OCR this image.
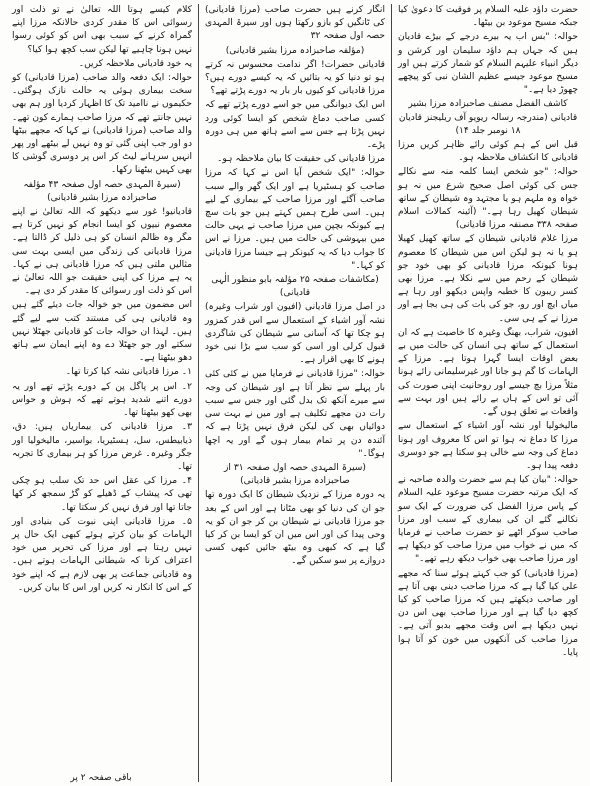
حضرت داؤد علیہ السلام پر فوقیت کا دعویٰ کیا جبکہ مسیح موعود بن بیٹھا۔

حوالہ: "بس اب یہ بیرے درجے کے بیڑے قادیان ہیں کہ جہاں ہم داؤد سلیمان اور کرشن و دیگر انبیاء علیہم السلام کو شمار کرتے ہیں اور مسیح موعود جیسے عظیم الشان نبی کو پیچھے چھوڑ دیا ہے۔"

کاشف الفضل مصنف صاحبزادہ مرزا بشیر قادیانی (مندرجہ رسالہ ریویو آف ریلیجنز قادیان ۱۸ نومبر جلد ۱۴)

قبل اس کے ہم کوئی رائے ظاہر کریں مرزا قادیانی کا انکشاف ملاحظہ ہو۔

حوالہ: "جو شخص ایسا کلمہ منہ سے نکالے جس کی کوئی اصل صحیح شرع میں نہ ہو خواہ وہ ملہم ہو یا مجتہد وہ شیطان کے ساتھ شیطان کھیل رہا ہے۔" (آئینہ کمالات اسلام صفحہ ۳۳۸ مصنفہ مرزا قادیانی)

مرزا غلام قادیانی شیطان کے ساتھ کھیل کھیلا ہو یا نہ ہو لیکن اس میں شیطان کا معصوم ہونا کیونکہ مرزا قادیانی کو بھی خود جو شیطان کے رحم میں سے نکلا ہے۔ مرزا بھی کسر ریبون کا خطبہ واپس دیکھو اور رہا ہے میاں ایچ اور رو، جو کی بات کی ہی بجا ہے اور مرزا نے کے ہی سی۔

افیون، شراب، بھنگ وغیرہ کا خاصیت ہے کہ ان استعمال کے ساتھ ہی انسان کی حالت میں بے بعض اوقات ایسا گہرا ہوتا ہے۔ مرزا کے الہامات کا گم ہو جانا اور غیرسلیمانی رائے ہونا مثلاً مرزا بچ جیسے اور روحانیت اپنی صورت کی آئی تو اس کے ہاں بے رائے ہیں اور بہت سے واقعات بے تعلق ہوں گے۔

مالیخولیا اور نشہ آور اشیاء کے استعمال سے مرزا کا دماغ نہ ہوا تو اس کا معروف اور ہونا دماغ کی وجہ سے خالی ہو سکتا ہے جو دوسری دفعہ پیدا ہو۔

حوالہ: "بیان کیا ہم سے حضرت والدہ صاحبہ نے کہ ایک مرتبہ حضرت مسیح موعود علیہ السلام کے پاس مرزا الفضل کی ضرورت کے ایک سو نکالنے گئے ان کی بیماری کے سبب اور مرزا صاحب سوکر اٹھے تو حضرت صاحب نے فرمایا کہ میں نے خواب میں مرزا صاحب کو دیکھا ہے اور مرزا صاحب بھی خواب دیکھ رہے تھے۔"

(مرزا قادیانی) کو جب کہتے ہوئے سنا کہ مجھے علی کیا گیا ہے کہ مرزا صاحب دینی بھی آتا ہے اور صاحب دیکھتے ہیں کہ مرزا صاحب کو کیا کچھ دیا گیا ہے اور مرزا صاحب بھی اس دن نہیں دیکھا ہے اس وقت مجھے بدبو آتی ہے۔ مرزا صاحب کی آنکھوں میں خون کو آتا ہوا پایا۔

انگار کرنے ہیں حضرت صاحب (مرزا قادیانی) کی ٹانگیں کو بازو رکھتا ہوں اور سیرۃ المہدی حصہ اول صفحہ ۳۲

(مؤلفہ صاحبزادہ مرزا بشیر قادیانی)

قادیانی حضرات! اگر ندامت محسوس نہ کرتے ہو تو دنیا کو یہ بتائیں کہ یہ کیسے دورے ہیں؟ مرزا قادیانی کو کیوں بار بار یہ دورے پڑتے تھے؟

اس ایک دیوانگی میں جو اسے دورے پڑتے تھے کہ کسی صاحب دماغ شخص کو ایسا کوئی ورد نہیں پڑتا ہے جس سے اسے ہاتھ میں ہی دورہ پڑے۔

مرزا قادیانی کی حقیقت کا بیان ملاحظہ ہو۔

حوالہ: "ایک شخص آیا اس نے کہا کہ مرزا صاحب کو ہسٹیریا ہے اور ایک گھر والے سبب صاحب آگئے اور مرزا صاحب کے بیماری کے لیے ہیں۔ اسی طرح ہمیں کہتے ہیں جو بات سچ ہے کیونکہ بچپن میں مرزا صاحب نے یہی حالت میں بیہوشی کی حالت میں ہیں۔ مرزا نے اس کا جواب دیا کہ یہ کیونکر ہے جیسا مرزا قادیانی کو کہا۔"

(مکاشفات صفحہ ۲۵ مؤلفہ بابو منظور الٰہی قادیانی)

در اصل مرزا قادیانی (افیون اور شراب وغیرہ) نشہ آور اشیاء کے استعمال سے اس قدر کمزور ہو چکا تھا کہ آسانی سے شیطان کی شاگردی قبول کرلی اور اسی کو سب سے بڑا نبی خود ہونے کا بھی اقرار ہے۔

حوالہ: "مرزا قادیانی نے فرمایا میں نے کئی کئی بار پہلے سے نظر آتا ہے اور شیطان کی وجہ سے میرے آنکھ تک بدل گئی اور جس سے سبب رات دن مجھے تکلیف ہے اور میں نے بہت سی دوائیاں بھی کی لیکن فرق نہیں پڑتا ہے کہ آئندہ دن پر تمام بیمار ہوں گے اور یہ اچھا ہوگا۔"

(سیرۃ المہدی حصہ اول صفحہ ۳۱ از صاحبزادہ مرزا بشیر قادیانی)

یہ دورہ مرزا کے نزدیک شیطان کا ایک دورہ تھا جو ان کی دنیا کو بھی مٹانا ہے اور اس کے بعد جو مرزا قادیانی نے شیطان بن کر جو ان کو یہ وحی پیدا کی اور اس میں ان کو ایسا بن کر کیا گیا ہے کہ کبھی وہ بیٹھ جائیں کبھی کسی دروازے پر سو سکیں گے۔

کلام کیسے ہوتا اللہ تعالیٰ نے تو ذلت اور رسوائی اس کا مقدر کردی حالانکہ مرزا اپنے گمراہ کرنے کے سبب بھی اس کو کوئی رسوا نہیں ہونا چاہیے تھا لیکن سب کچھ ہوا کیا؟

یہ خود قادیانی ملاحظہ کریں۔

حوالہ: ایک دفعہ والد صاحب (مرزا قادیانی) کو سخت بیماری ہوئی یہ حالت نازک ہوگئی۔ حکیموں نے ناامید تک کا اظہار کردیا اور ہم بھی نہیں جانتے تھے کہ مرزا صاحب ہمارے کون تھے۔ والد صاحب (مرزا قادیانی) نے کہا کہ مجھے بیٹھا دو اور جب اپنی گئی تو وہ نہیں لے بیٹھے اور پھر انہیں سرہانے لیٹ کر اس پر دوسری گوشی کا بھی کہیں بیٹھنا رکھا۔

(سیرۃ المہدی حصہ اول صفحہ ۴۳ مؤلفہ صاحبزادہ مرزا بشیر قادیانی)

قادیانیو! غور سے دیکھو کہ اللہ تعالیٰ نے اپنے معصوم نبیوں کو ایسا انجام کو نہیں کرتا ہے مگر وہ ظالم انسان کو ہی ذلیل کر ڈالتا ہے۔ مرزا قادیانی کی زندگی میں ایسی بہت سی مثالیں ملتی ہیں کہ مرزا قادیانی ہی نے کہا۔ یہ ہے مرزا کی اپنی حقیقت جو اللہ تعالیٰ نے اس کو ذلت اور رسوائی کا مقدر کر دی ہے۔

اس مضمون میں جو خوالہ جات دیئے گئے ہیں وہ قادیانی ہی کی مستند کتب سے لیے گئے ہیں۔ لہذا ان حوالہ جات کو قادیانی جھٹلا نہیں سکتے اور جو جھٹلا دے وہ اپنے ایمان سے ہاتھ دھو بیٹھتا ہے۔

۱۔ مرزا قادیانی نشہ کیا کرتا تھا۔

۲۔ اس پر پاگل پن کے دورے پڑتے تھے اور یہ دورے اتنے شدید ہوتے تھے کہ ہوش و حواس بھی کھو بیٹھتا تھا۔

۳۔ مرزا قادیانی کی بیماریاں ہیں: دق، ذیابیطس، سل، ہسٹیریا، بواسیر، مالیخولیا اور جگر وغیرہ۔ غرض مرزا کو ہر بیماری کا تجربہ تھا۔

۴۔ مرزا کی عقل اس حد تک سلب ہو چکی تھی کہ پیشاب کے ڈھیلے کو گڑ سمجھ کر کھا جاتا تھا اور فرق نہیں کر سکتا تھا۔

۵۔ مرزا قادیانی اپنی نبوت کی بنیادی اور الہامات کو بیان کرتے ہوئے کبھی ایک حال پر نہیں رہتا ہے اور مرزا کی تحریر میں خود اعتراف کرنا کہ شیطانی الہامات ہوتے ہیں۔ وہ قادیانی جماعت پر بھی لازم ہے کہ اپنے خود کے اس کا انکار نہ کریں اور اس کا بیان کریں۔

باقی صفحہ ۲ پر
